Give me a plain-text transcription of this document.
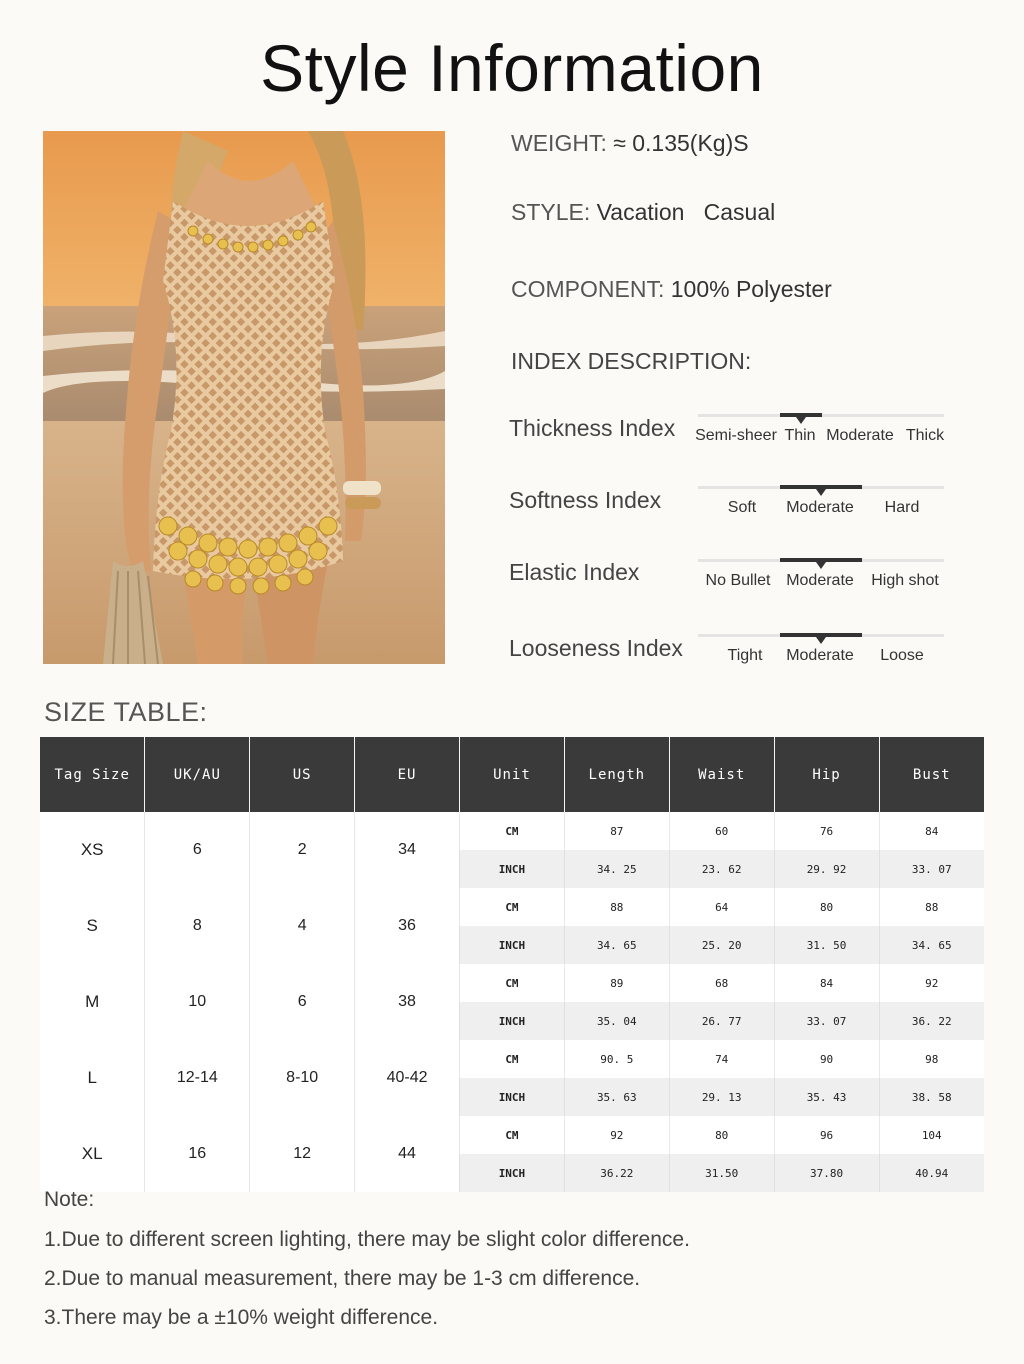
Style Information
WEIGHT: ≈ 0.135(Kg)S
STYLE: Vacation   Casual
COMPONENT: 100% Polyester
INDEX DESCRIPTION:
Thickness Index Semi-sheer Thin Moderate Thick
Softness Index	Soft Moderate Hard
Elastic Index	No Bullet Moderate High shot
Looseness Index	Tight Moderate Loose
SIZE TABLE:
Tag Size	UK/AU	US	EU	Unit	Length	Waist	Hip	Bust
XS	6	2	34	CM	87	60	76	84
				INCH	34. 25	23. 62	29. 92	33. 07
S	8	4	36	CM	88	64	80	88
				INCH	34. 65	25. 20	31. 50	34. 65
M	10	6	38	CM	89	68	84	92
				INCH	35. 04	26. 77	33. 07	36. 22
L	12-14	8-10	40-42	CM	90. 5	74	90	98
				INCH	35. 63	29. 13	35. 43	38. 58
XL	16	12	44	CM	92	80	96	104
				INCH	36.22	31.50	37.80	40.94
Note:
1.Due to different screen lighting, there may be slight color difference.
2.Due to manual measurement, there may be 1-3 cm difference.
3.There may be a ±10% weight difference.
